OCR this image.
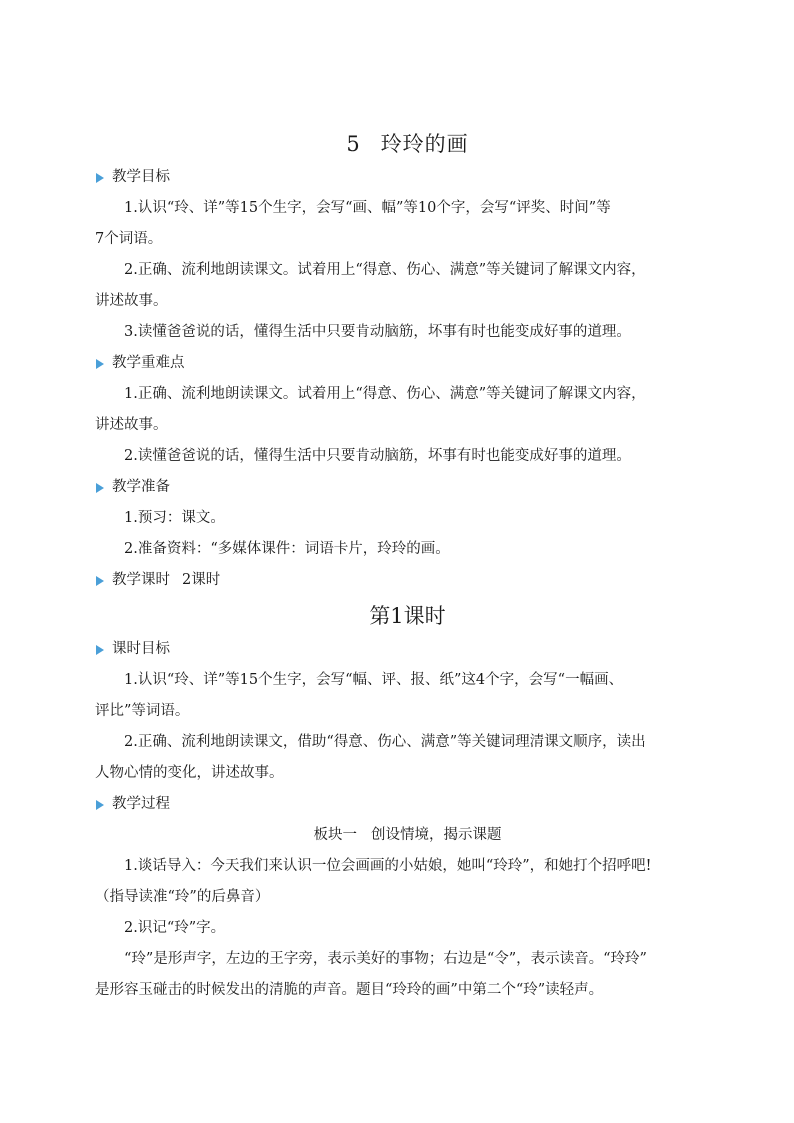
5 玲玲的画
教学目标

1.认识“玲、详”等15个生字，会写“画、幅”等10个字，会写“评奖、时间”等

7个词语。

2.正确、流利地朗读课文。试着用上“得意、伤心、满意”等关键词了解课文内容，

讲述故事。

3.读懂爸爸说的话，懂得生活中只要肯动脑筋，坏事有时也能变成好事的道理。

教学重难点

1.正确、流利地朗读课文。试着用上“得意、伤心、满意”等关键词了解课文内容，

讲述故事。

2.读懂爸爸说的话，懂得生活中只要肯动脑筋，坏事有时也能变成好事的道理。

教学准备

1.预习：课文。

2.准备资料：“多媒体课件：词语卡片，玲玲的画。

教学课时 2课时
第1课时
课时目标

1.认识“玲、详”等15个生字，会写“幅、评、报、纸”这4个字，会写“一幅画、

评比”等词语。

2.正确、流利地朗读课文，借助“得意、伤心、满意”等关键词理清课文顺序，读出

人物心情的变化，讲述故事。

教学过程
板块一 创设情境，揭示课题

1.谈话导入：今天我们来认识一位会画画的小姑娘，她叫“玲玲”，和她打个招呼吧!

（指导读准“玲”的后鼻音）

2.识记“玲”字。

“玲”是形声字，左边的王字旁，表示美好的事物；右边是“令”，表示读音。“玲玲”

是形容玉碰击的时候发出的清脆的声音。题目“玲玲的画”中第二个“玲”读轻声。
